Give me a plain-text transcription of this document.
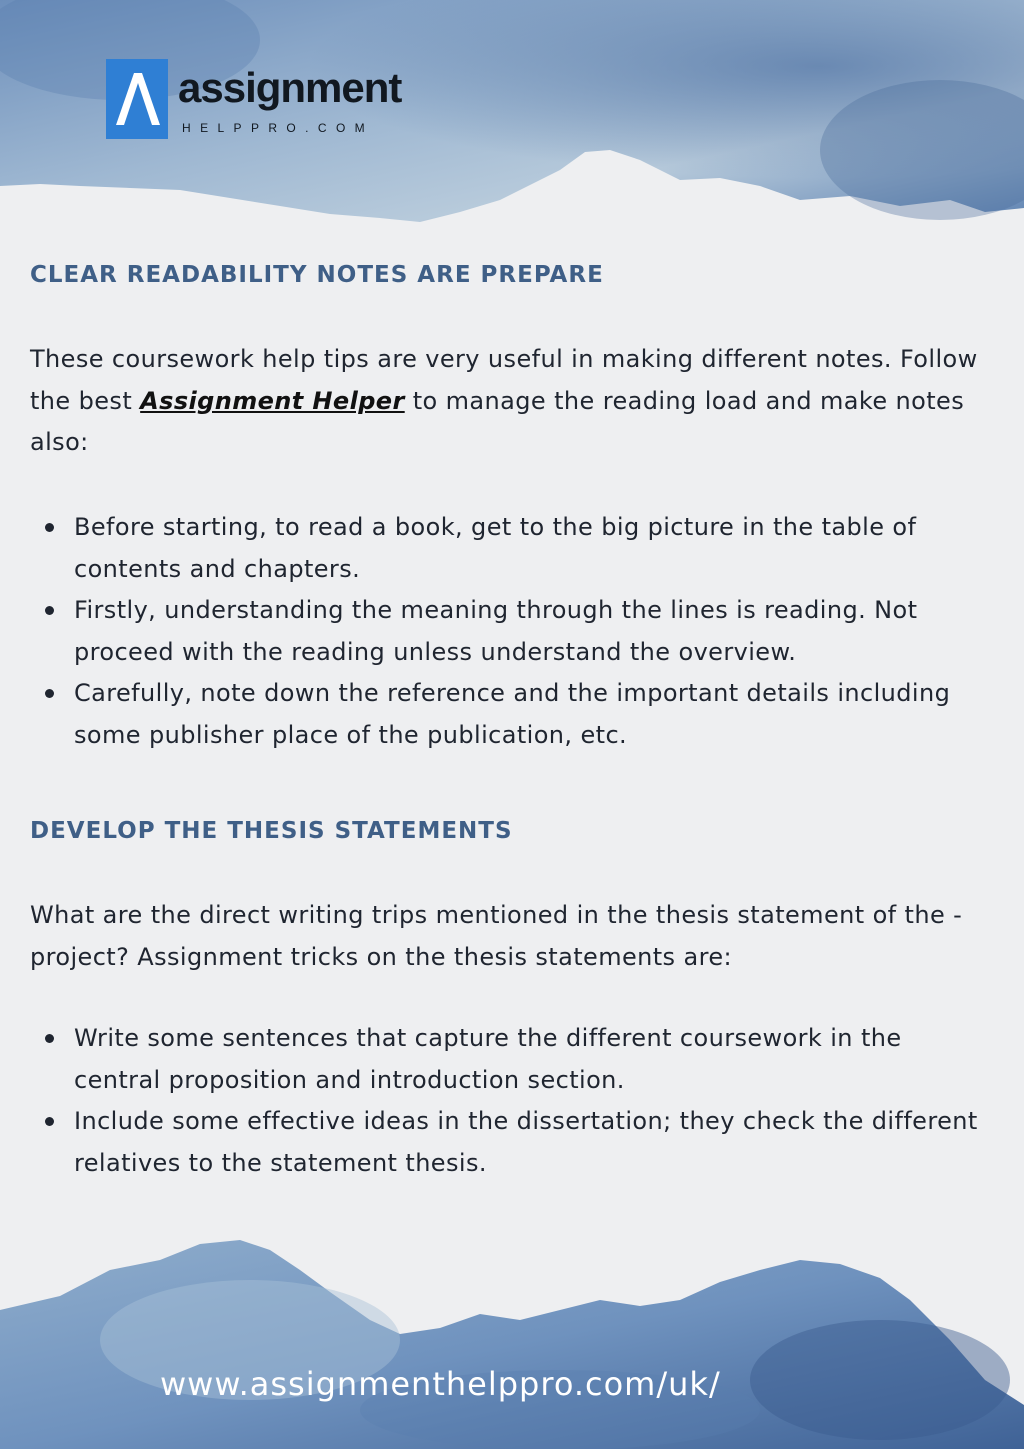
assignment
HELPPRO.COM
CLEAR READABILITY NOTES ARE PREPARE

These coursework help tips are very useful in making different notes. Follow the best Assignment Helper to manage the reading load and make notes also:

Before starting, to read a book, get to the big picture in the table of contents and chapters.
Firstly, understanding the meaning through the lines is reading. Not proceed with the reading unless understand the overview.
Carefully, note down the reference and the important details including some publisher place of the publication, etc.
DEVELOP THE THESIS STATEMENTS

What are the direct writing trips mentioned in the thesis statement of the -project? Assignment tricks on the thesis statements are:

Write some sentences that capture the different coursework in the central proposition and introduction section.
Include some effective ideas in the dissertation; they check the different relatives to the statement thesis.
www.assignmenthelppro.com/uk/
